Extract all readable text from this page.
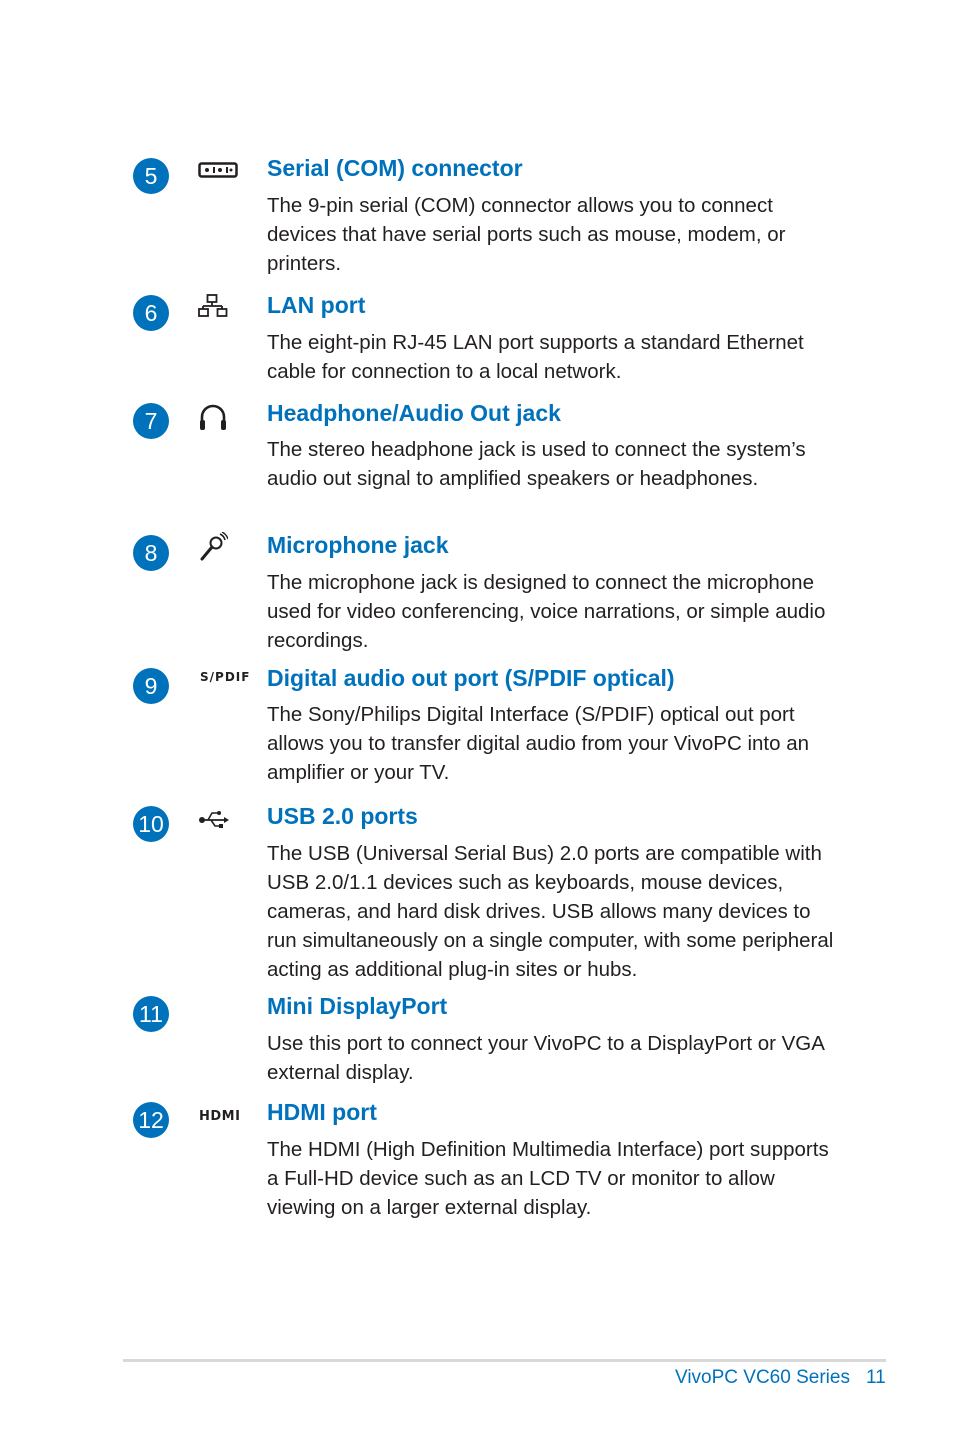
5	Serial (COM) connector

The 9-pin serial (COM) connector allows you to connect devices that have serial ports such as mouse, modem, or printers.

6	LAN port

The eight-pin RJ-45 LAN port supports a standard Ethernet cable for connection to a local network.

7	Headphone/Audio Out jack

The stereo headphone jack is used to connect the system’s audio out signal to amplified speakers or headphones.

8	Microphone jack

The microphone jack is designed to connect the microphone used for video conferencing, voice narrations, or simple audio recordings.

9	S/PDIF Digital audio out port (S/PDIF optical)

The Sony/Philips Digital Interface (S/PDIF) optical out port allows you to transfer digital audio from your VivoPC into an amplifier or your TV.

10	USB 2.0 ports

The USB (Universal Serial Bus) 2.0 ports are compatible with USB 2.0/1.1 devices such as keyboards, mouse devices, cameras, and hard disk drives. USB allows many devices to run simultaneously on a single computer, with some peripheral acting as additional plug-in sites or hubs.

11	Mini DisplayPort

Use this port to connect your VivoPC to a DisplayPort or VGA external display.

12	HDMI HDMI port

The HDMI (High Definition Multimedia Interface) port supports a Full-HD device such as an LCD TV or monitor to allow viewing on a larger external display.

VivoPC VC60 Series 11
